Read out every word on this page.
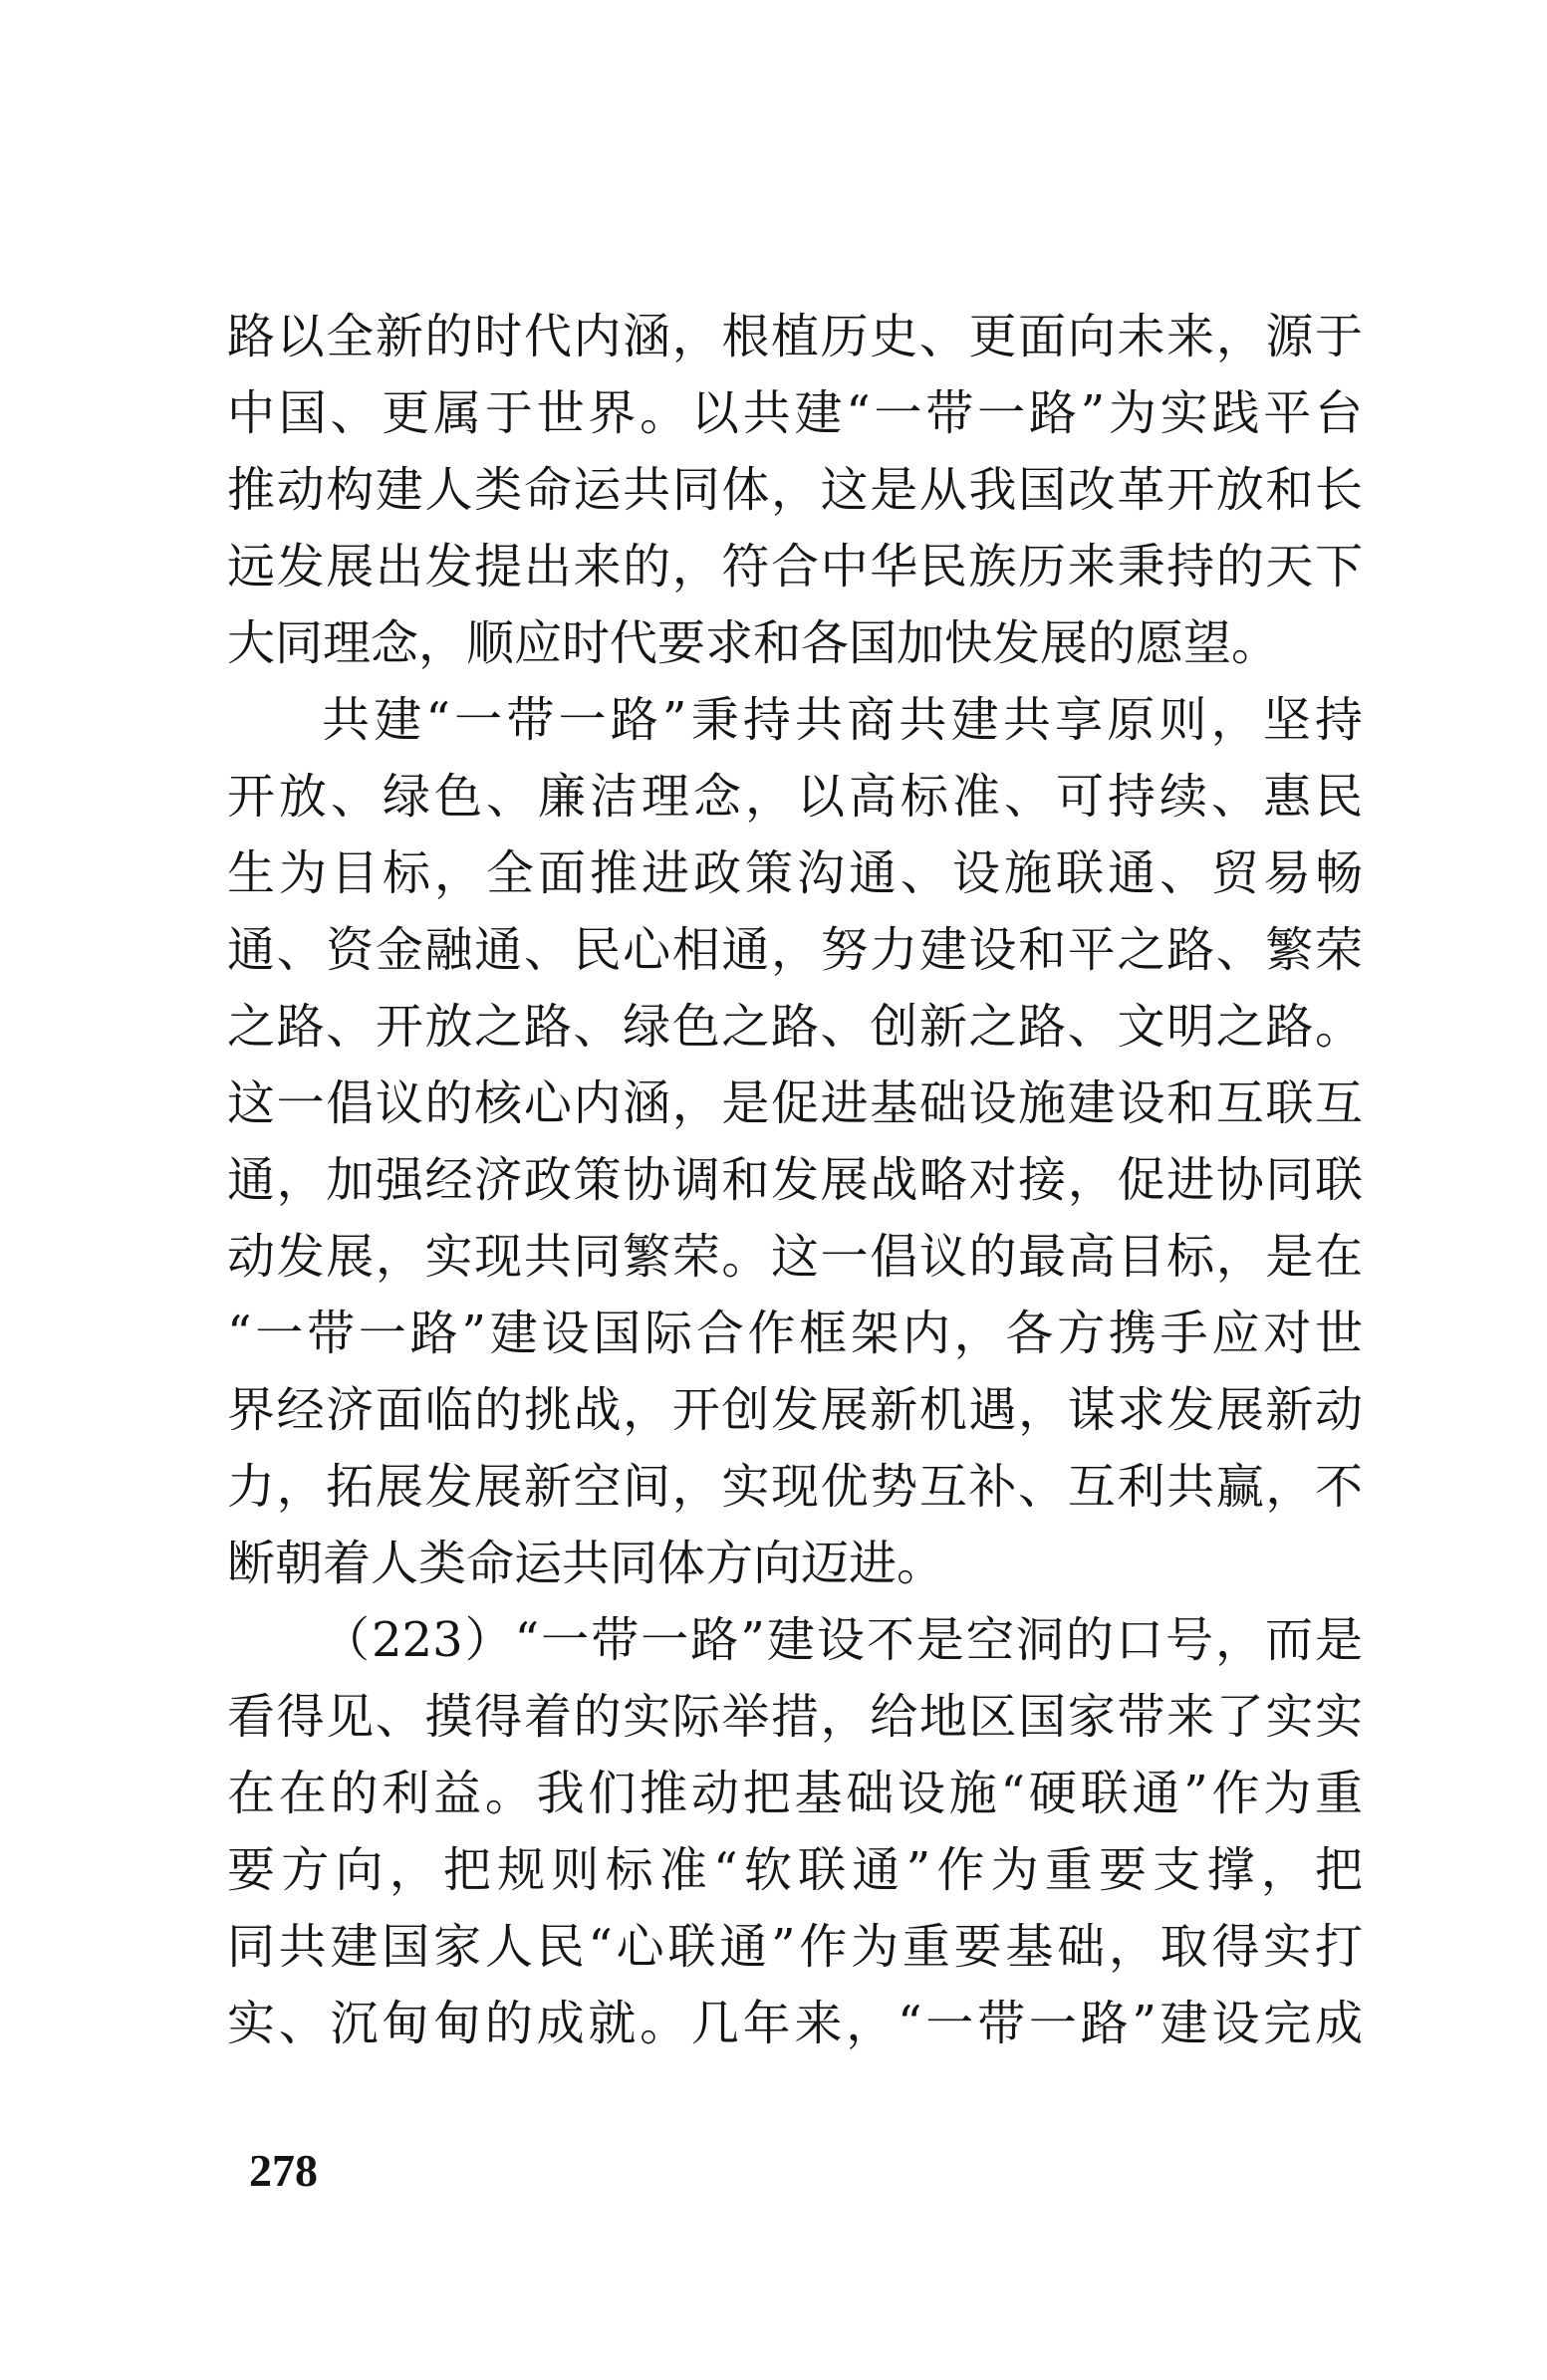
路以全新的时代内涵，根植历史、更面向未来，源于
中国、更属于世界。以共建“一带一路”为实践平台
推动构建人类命运共同体，这是从我国改革开放和长
远发展出发提出来的，符合中华民族历来秉持的天下
大同理念，顺应时代要求和各国加快发展的愿望。
共建“一带一路”秉持共商共建共享原则，坚持
开放、绿色、廉洁理念，以高标准、可持续、惠民
生为目标，全面推进政策沟通、设施联通、贸易畅
通、资金融通、民心相通，努力建设和平之路、繁荣
之路、开放之路、绿色之路、创新之路、文明之路。
这一倡议的核心内涵，是促进基础设施建设和互联互
通，加强经济政策协调和发展战略对接，促进协同联
动发展，实现共同繁荣。这一倡议的最高目标，是在
“一带一路”建设国际合作框架内，各方携手应对世
界经济面临的挑战，开创发展新机遇，谋求发展新动
力，拓展发展新空间，实现优势互补、互利共赢，不
断朝着人类命运共同体方向迈进。
（223）“一带一路”建设不是空洞的口号，而是
看得见、摸得着的实际举措，给地区国家带来了实实
在在的利益。我们推动把基础设施“硬联通”作为重
要方向，把规则标准“软联通”作为重要支撑，把
同共建国家人民“心联通”作为重要基础，取得实打
实、沉甸甸的成就。几年来，“一带一路”建设完成
278
